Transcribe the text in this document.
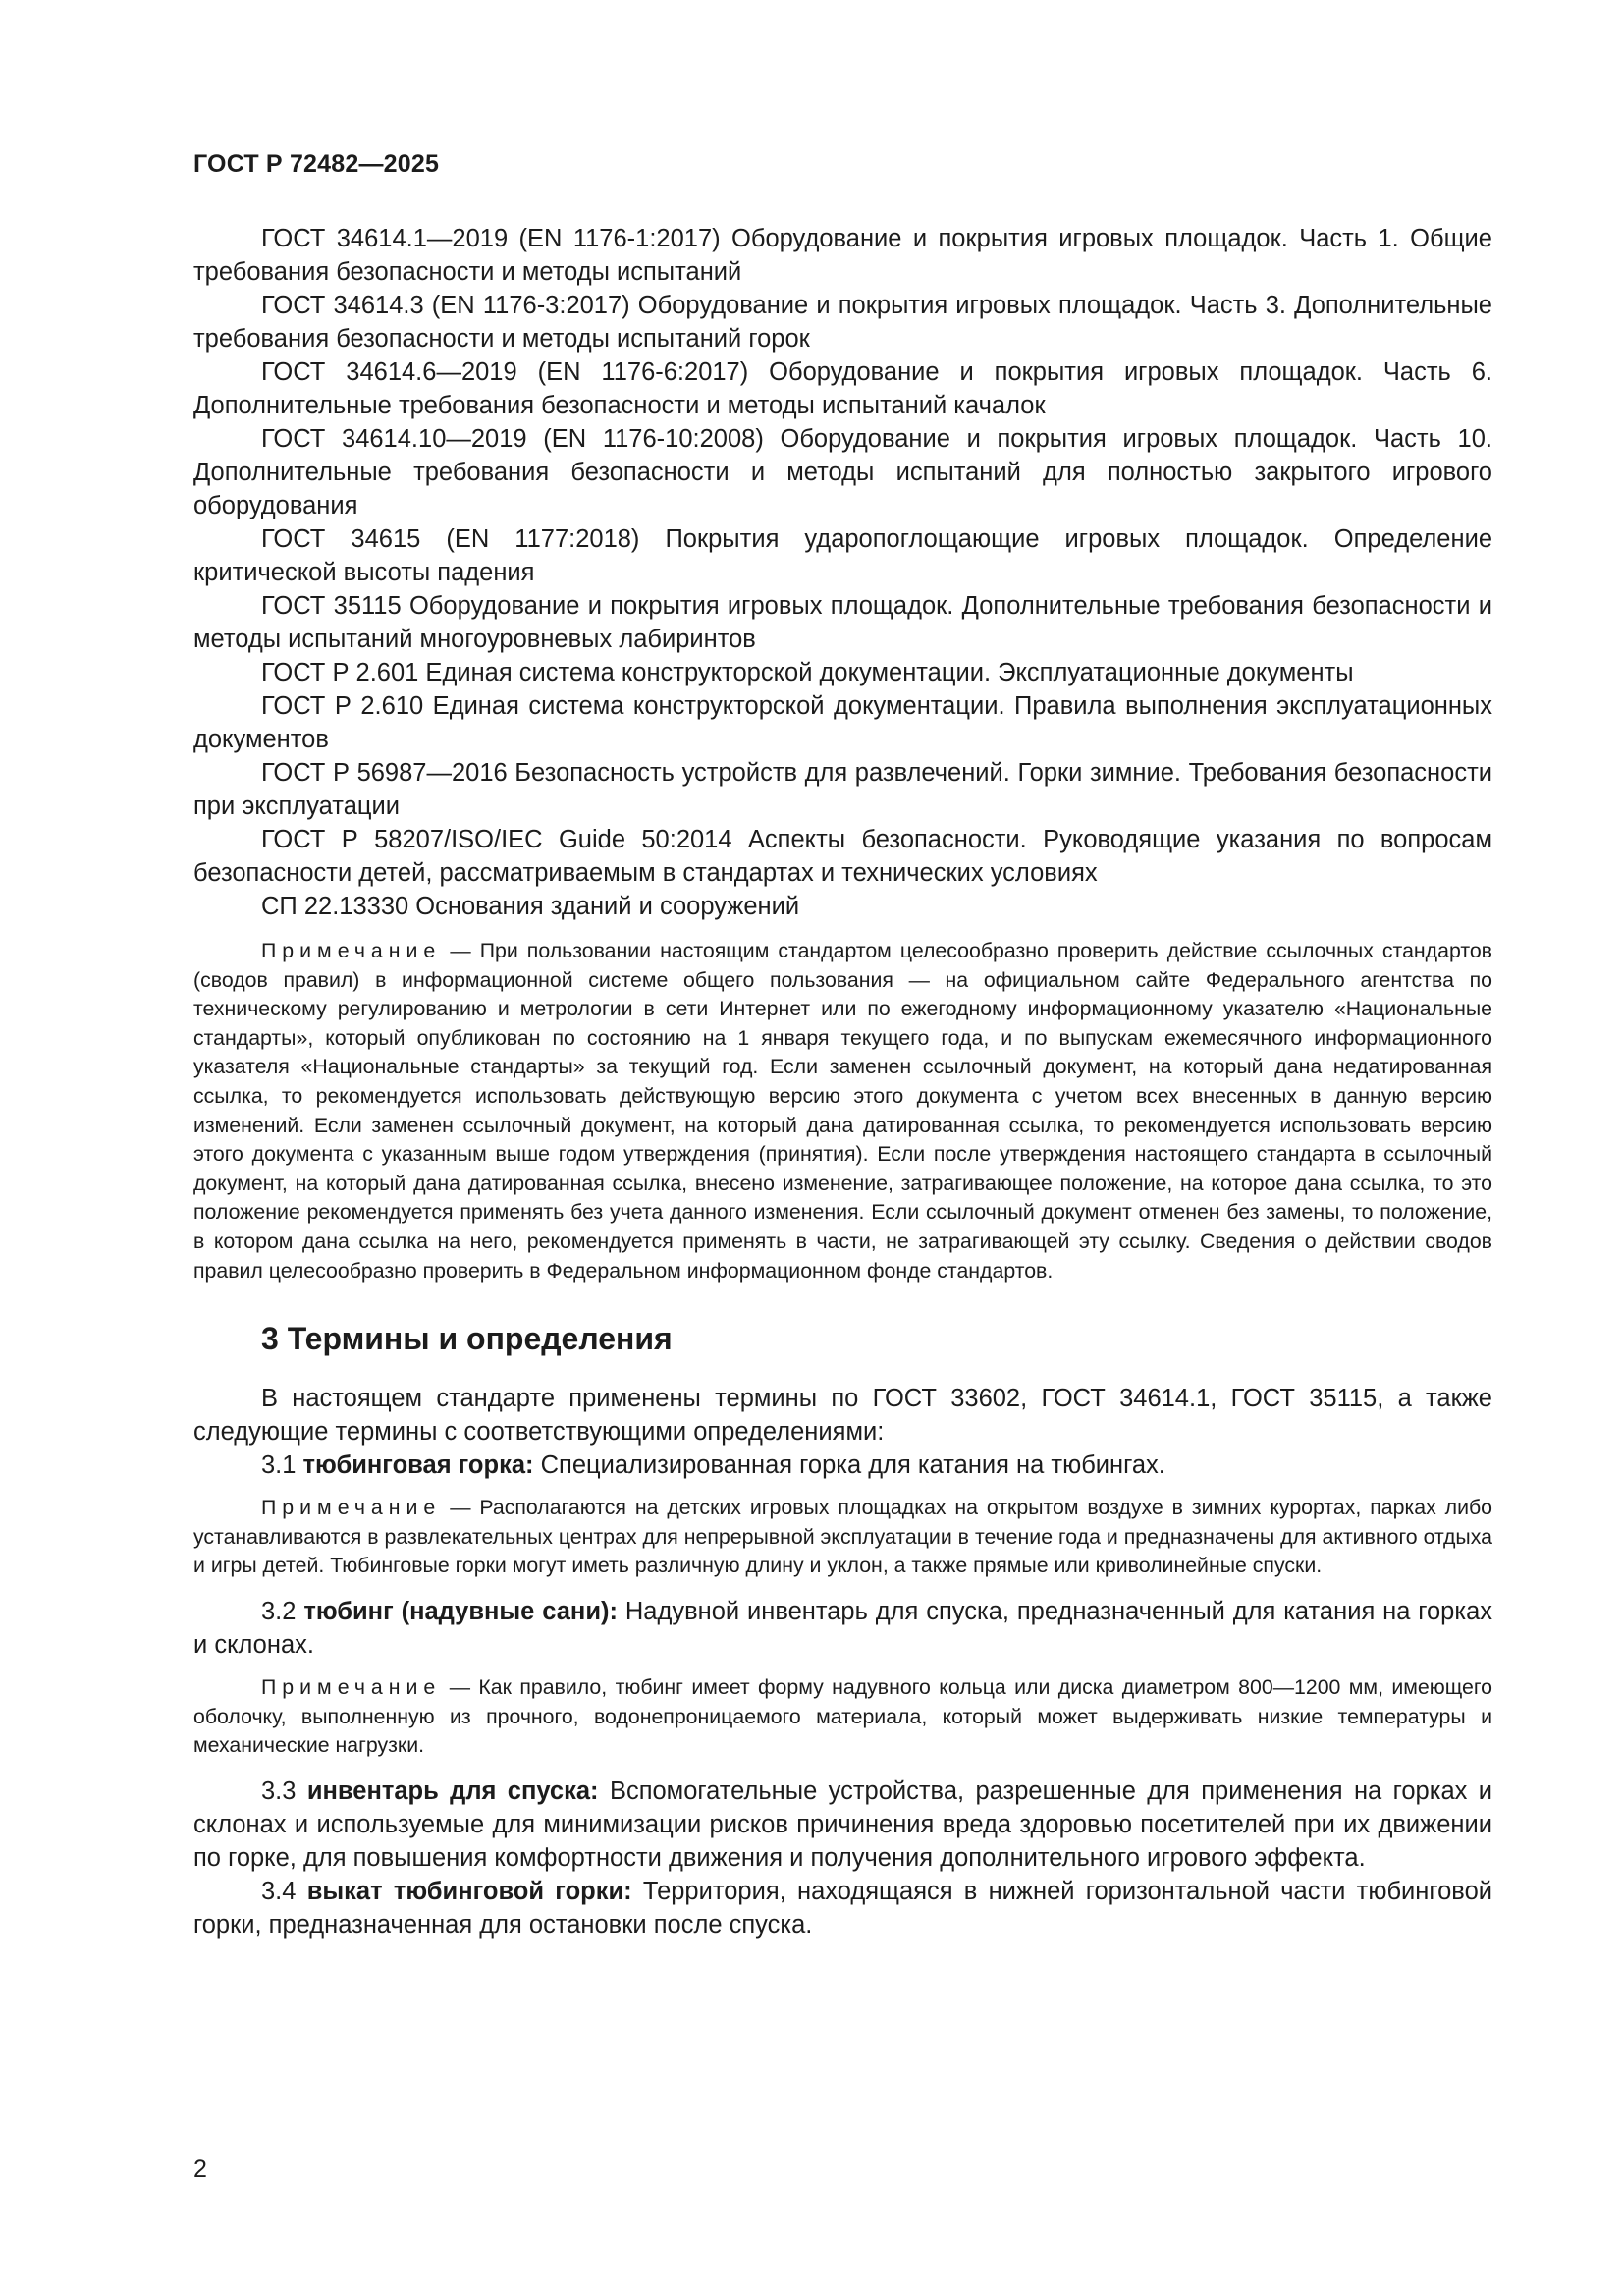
ГОСТ Р 72482—2025

ГОСТ 34614.1—2019 (EN 1176-1:2017) Оборудование и покрытия игровых площадок. Часть 1. Общие требования безопасности и методы испытаний

ГОСТ 34614.3 (EN 1176-3:2017) Оборудование и покрытия игровых площадок. Часть 3. Дополнительные требования безопасности и методы испытаний горок

ГОСТ 34614.6—2019 (EN 1176-6:2017) Оборудование и покрытия игровых площадок. Часть 6. Дополнительные требования безопасности и методы испытаний качалок

ГОСТ 34614.10—2019 (EN 1176-10:2008) Оборудование и покрытия игровых площадок. Часть 10. Дополнительные требования безопасности и методы испытаний для полностью закрытого игрового оборудования

ГОСТ 34615 (EN 1177:2018) Покрытия ударопоглощающие игровых площадок. Определение критической высоты падения

ГОСТ 35115 Оборудование и покрытия игровых площадок. Дополнительные требования безопасности и методы испытаний многоуровневых лабиринтов

ГОСТ Р 2.601 Единая система конструкторской документации. Эксплуатационные документы

ГОСТ Р 2.610 Единая система конструкторской документации. Правила выполнения эксплуатационных документов

ГОСТ Р 56987—2016 Безопасность устройств для развлечений. Горки зимние. Требования безопасности при эксплуатации

ГОСТ Р 58207/ISO/IEC Guide 50:2014 Аспекты безопасности. Руководящие указания по вопросам безопасности детей, рассматриваемым в стандартах и технических условиях

СП 22.13330 Основания зданий и сооружений

Примечание — При пользовании настоящим стандартом целесообразно проверить действие ссылочных стандартов (сводов правил) в информационной системе общего пользования — на официальном сайте Федерального агентства по техническому регулированию и метрологии в сети Интернет или по ежегодному информационному указателю «Национальные стандарты», который опубликован по состоянию на 1 января текущего года, и по выпускам ежемесячного информационного указателя «Национальные стандарты» за текущий год. Если заменен ссылочный документ, на который дана недатированная ссылка, то рекомендуется использовать действующую версию этого документа с учетом всех внесенных в данную версию изменений. Если заменен ссылочный документ, на который дана датированная ссылка, то рекомендуется использовать версию этого документа с указанным выше годом утверждения (принятия). Если после утверждения настоящего стандарта в ссылочный документ, на который дана датированная ссылка, внесено изменение, затрагивающее положение, на которое дана ссылка, то это положение рекомендуется применять без учета данного изменения. Если ссылочный документ отменен без замены, то положение, в котором дана ссылка на него, рекомендуется применять в части, не затрагивающей эту ссылку. Сведения о действии сводов правил целесообразно проверить в Федеральном информационном фонде стандартов.

3 Термины и определения

В настоящем стандарте применены термины по ГОСТ 33602, ГОСТ 34614.1, ГОСТ 35115, а также следующие термины с соответствующими определениями:

3.1 тюбинговая горка: Специализированная горка для катания на тюбингах.

Примечание — Располагаются на детских игровых площадках на открытом воздухе в зимних курортах, парках либо устанавливаются в развлекательных центрах для непрерывной эксплуатации в течение года и предназначены для активного отдыха и игры детей. Тюбинговые горки могут иметь различную длину и уклон, а также прямые или криволинейные спуски.

3.2 тюбинг (надувные сани): Надувной инвентарь для спуска, предназначенный для катания на горках и склонах.

Примечание — Как правило, тюбинг имеет форму надувного кольца или диска диаметром 800—1200 мм, имеющего оболочку, выполненную из прочного, водонепроницаемого материала, который может выдерживать низкие температуры и механические нагрузки.

3.3 инвентарь для спуска: Вспомогательные устройства, разрешенные для применения на горках и склонах и используемые для минимизации рисков причинения вреда здоровью посетителей при их движении по горке, для повышения комфортности движения и получения дополнительного игрового эффекта.

3.4 выкат тюбинговой горки: Территория, находящаяся в нижней горизонтальной части тюбинговой горки, предназначенная для остановки после спуска.

2
